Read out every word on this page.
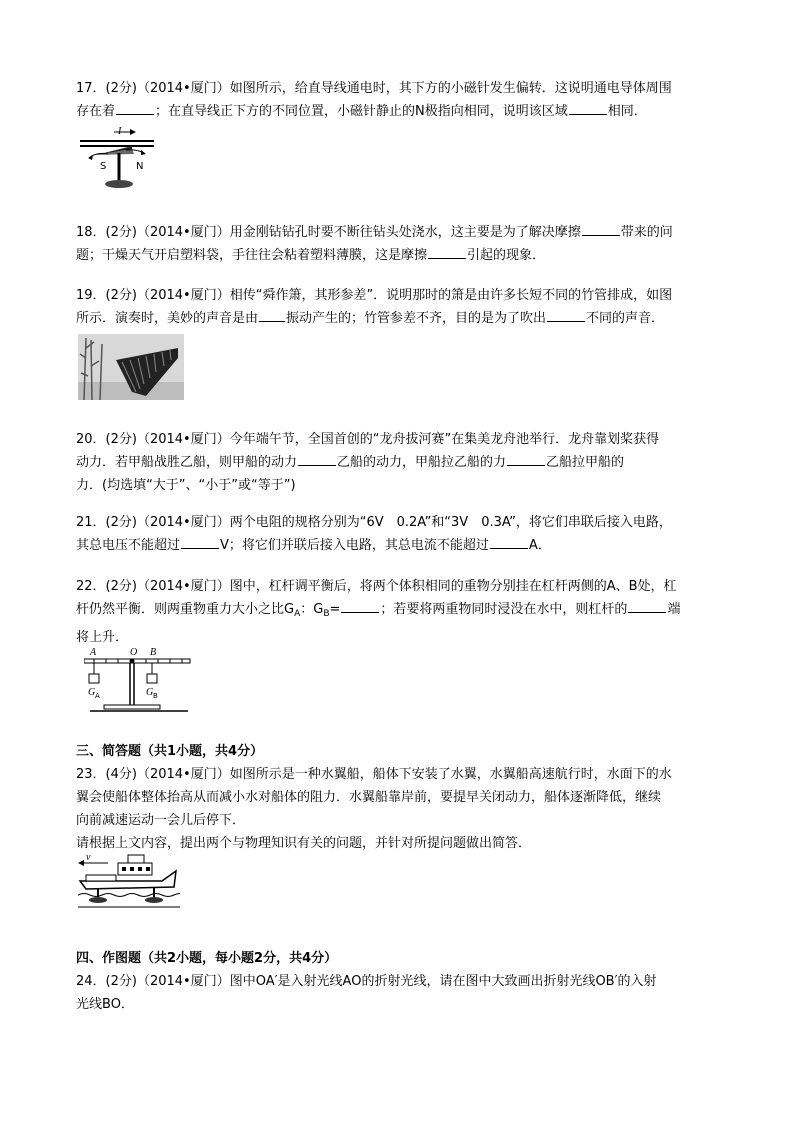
17．(2分)（2014•厦门）如图所示，给直导线通电时，其下方的小磁针发生偏转．这说明通电导体周围
存在着	；在直导线正下方的不同位置，小磁针静止的N极指向相同，说明该区域	相同．
I
S	N
18．(2分)（2014•厦门）用金刚钻钻孔时要不断往钻头处浇水，这主要是为了解决摩擦	带来的问
题；干燥天气开启塑料袋，手往往会粘着塑料薄膜，这是摩擦	引起的现象．
19．(2分)（2014•厦门）相传“舜作箫，其形参差”．说明那时的箫是由许多长短不同的竹管排成，如图
所示．演奏时，美妙的声音是由 振动产生的；竹管参差不齐，目的是为了吹出	不同的声音．
20．(2分)（2014•厦门）今年端午节，全国首创的“龙舟拔河赛”在集美龙舟池举行．龙舟靠划桨获得
动力．若甲船战胜乙船，则甲船的动力	乙船的动力，甲船拉乙船的力	乙船拉甲船的
力．(均选填“大于”、“小于”或“等于”)
21．(2分)（2014•厦门）两个电阻的规格分别为“6V　0.2A”和“3V　0.3A”，将它们串联后接入电路，
其总电压不能超过	V；将它们并联后接入电路，其总电流不能超过	A．
22．(2分)（2014•厦门）图中，杠杆调平衡后，将两个体积相同的重物分别挂在杠杆两侧的A、B处，杠
杆仍然平衡．则两重物重力大小之比$G_A$：$G_B=$	；若要将两重物同时浸没在水中，则杠杆的	端
将上升．
A	O B
G A	G B
三、简答题（共1小题，共4分）
23．(4分)（2014•厦门）如图所示是一种水翼船，船体下安装了水翼，水翼船高速航行时，水面下的水
翼会使船体整体抬高从而减小水对船体的阻力．水翼船靠岸前，要提早关闭动力，船体逐渐降低，继续
向前减速运动一会儿后停下．
请根据上文内容，提出两个与物理知识有关的问题，并针对所提问题做出简答．
v
四、作图题（共2小题，每小题2分，共4分）
24．(2分)（2014•厦门）图中OA′是入射光线AO的折射光线，请在图中大致画出折射光线OB′的入射
光线BO．
